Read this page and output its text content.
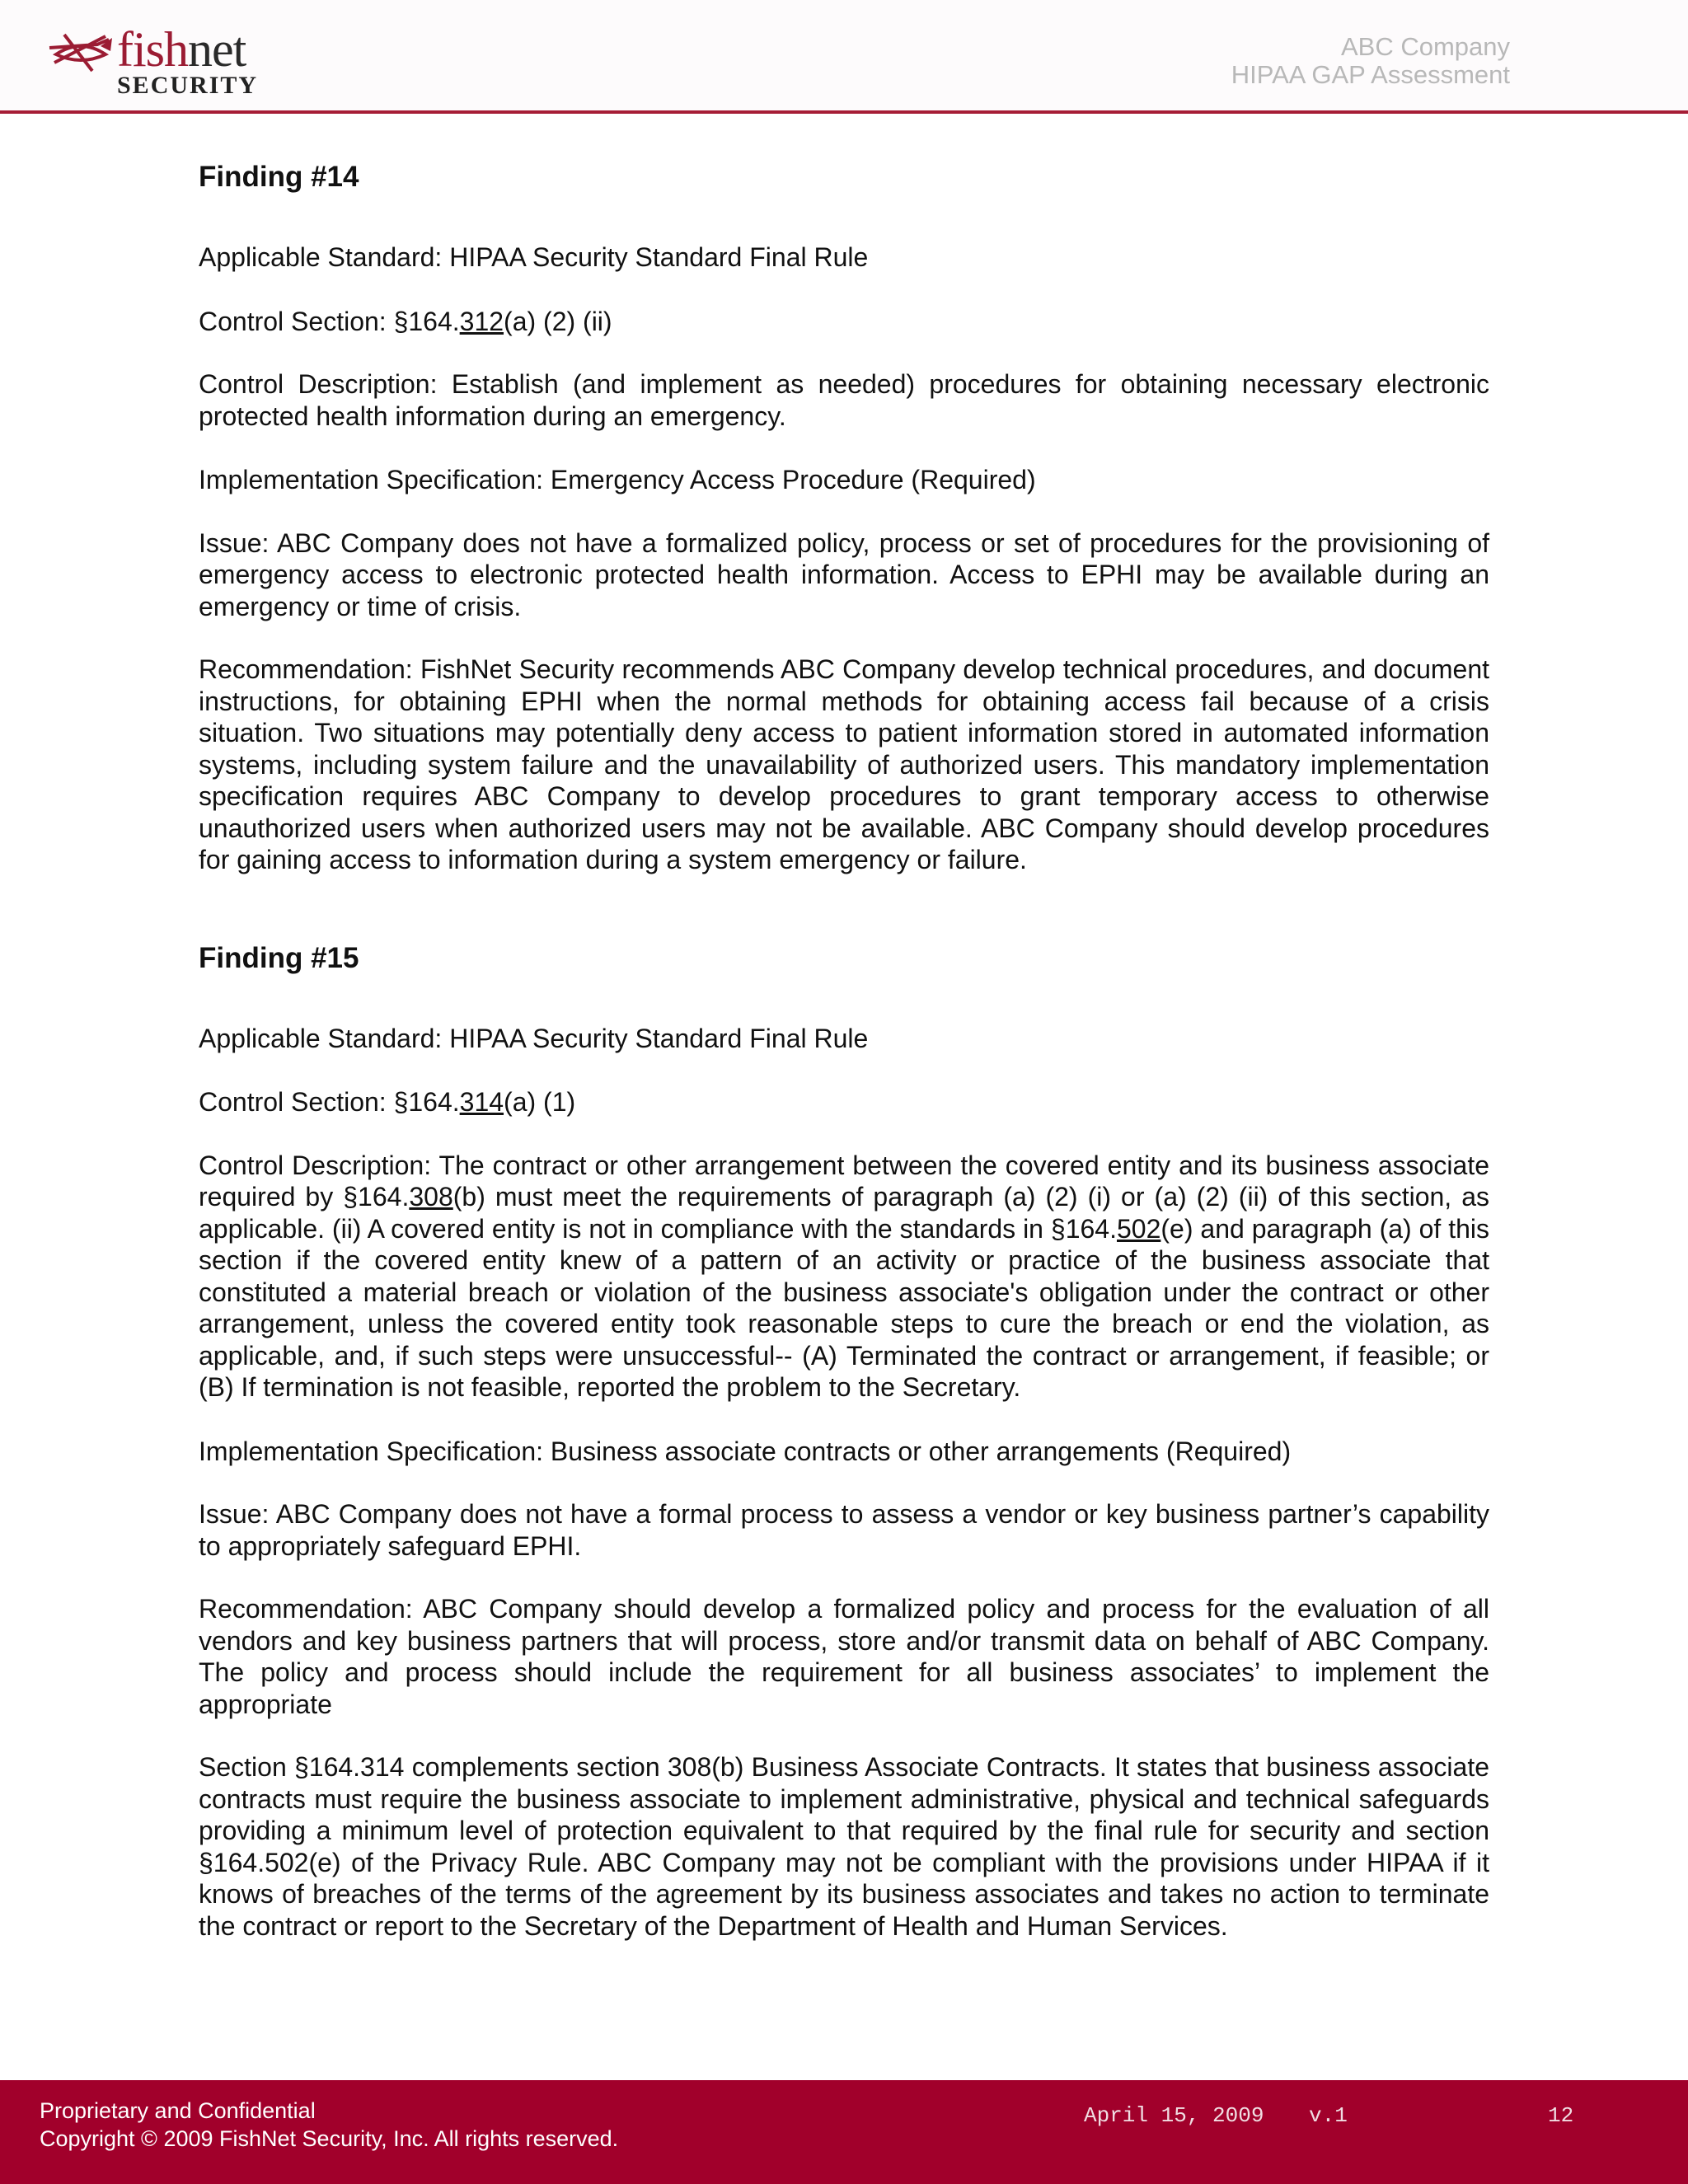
fishnet
SECURITY
ABC Company
HIPAA GAP Assessment
Finding #14

Applicable Standard: HIPAA Security Standard Final Rule

Control Section: §164.312(a) (2) (ii)

Control Description: Establish (and implement as needed) procedures for obtaining necessary electronic protected health information during an emergency.

Implementation Specification: Emergency Access Procedure (Required)

Issue: ABC Company does not have a formalized policy, process or set of procedures for the provisioning of emergency access to electronic protected health information. Access to EPHI may be available during an emergency or time of crisis.

Recommendation: FishNet Security recommends ABC Company develop technical procedures, and document instructions, for obtaining EPHI when the normal methods for obtaining access fail because of a crisis situation. Two situations may potentially deny access to patient information stored in automated information systems, including system failure and the unavailability of authorized users. This mandatory implementation specification requires ABC Company to develop procedures to grant temporary access to otherwise unauthorized users when authorized users may not be available. ABC Company should develop procedures for gaining access to information during a system emergency or failure.

Finding #15

Applicable Standard: HIPAA Security Standard Final Rule

Control Section: §164.314(a) (1)

Control Description: The contract or other arrangement between the covered entity and its business associate required by §164.308(b) must meet the requirements of paragraph (a) (2) (i) or (a) (2) (ii) of this section, as applicable. (ii) A covered entity is not in compliance with the standards in §164.502(e) and paragraph (a) of this section if the covered entity knew of a pattern of an activity or practice of the business associate that constituted a material breach or violation of the business associate's obligation under the contract or other arrangement, unless the covered entity took reasonable steps to cure the breach or end the violation, as applicable, and, if such steps were unsuccessful-- (A) Terminated the contract or arrangement, if feasible; or (B) If termination is not feasible, reported the problem to the Secretary.

Implementation Specification: Business associate contracts or other arrangements (Required)

Issue: ABC Company does not have a formal process to assess a vendor or key business partner’s capability to appropriately safeguard EPHI.

Recommendation: ABC Company should develop a formalized policy and process for the evaluation of all vendors and key business partners that will process, store and/or transmit data on behalf of ABC Company. The policy and process should include the requirement for all business associates’ to implement the appropriate

Section §164.314 complements section 308(b) Business Associate Contracts. It states that business associate contracts must require the business associate to implement administrative, physical and technical safeguards providing a minimum level of protection equivalent to that required by the final rule for security and section §164.502(e) of the Privacy Rule. ABC Company may not be compliant with the provisions under HIPAA if it knows of breaches of the terms of the agreement by its business associates and takes no action to terminate the contract or report to the Secretary of the Department of Health and Human Services.

Proprietary and Confidential
Copyright © 2009 FishNet Security, Inc. All rights reserved.
April 15, 2009 v.1	12
